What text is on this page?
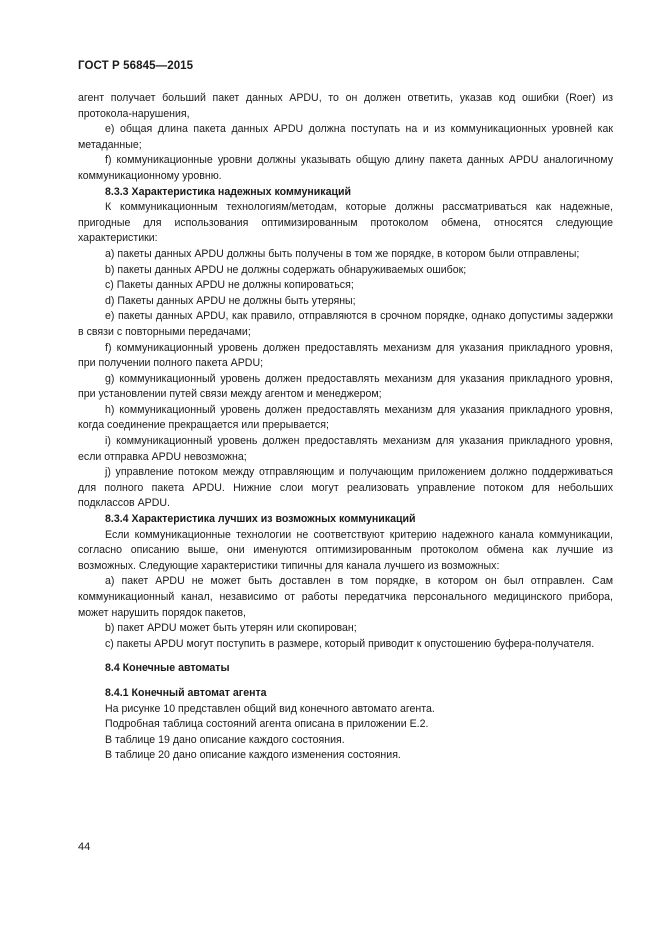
ГОСТ Р 56845—2015

агент получает больший пакет данных APDU, то он должен ответить, указав код ошибки (Roer) из протокола-нарушения,

e) общая длина пакета данных APDU должна поступать на и из коммуникационных уровней как метаданные;

f) коммуникационные уровни должны указывать общую длину пакета данных APDU аналогичному коммуникационному уровню.

8.3.3 Характеристика надежных коммуникаций

К коммуникационным технологиям/методам, которые должны рассматриваться как надежные, пригодные для использования оптимизированным протоколом обмена, относятся следующие характеристики:

a) пакеты данных APDU должны быть получены в том же порядке, в котором были отправлены;

b) пакеты данных APDU не должны содержать обнаруживаемых ошибок;

c) Пакеты данных APDU не должны копироваться;

d) Пакеты данных APDU не должны быть утеряны;

e) пакеты данных APDU, как правило, отправляются в срочном порядке, однако допустимы задержки в связи с повторными передачами;

f) коммуникационный уровень должен предоставлять механизм для указания прикладного уровня, при получении полного пакета APDU;

g) коммуникационный уровень должен предоставлять механизм для указания прикладного уровня, при установлении путей связи между агентом и менеджером;

h) коммуникационный уровень должен предоставлять механизм для указания прикладного уровня, когда соединение прекращается или прерывается;

i) коммуникационный уровень должен предоставлять механизм для указания прикладного уровня, если отправка APDU невозможна;

j) управление потоком между отправляющим и получающим приложением должно поддерживаться для полного пакета APDU. Нижние слои могут реализовать управление потоком для небольших подклассов APDU.

8.3.4 Характеристика лучших из возможных коммуникаций

Если коммуникационные технологии не соответствуют критерию надежного канала коммуникации, согласно описанию выше, они именуются оптимизированным протоколом обмена как лучшие из возможных. Следующие характеристики типичны для канала лучшего из возможных:

a) пакет APDU не может быть доставлен в том порядке, в котором он был отправлен. Сам коммуникационный канал, независимо от работы передатчика персонального медицинского прибора, может нарушить порядок пакетов,

b) пакет APDU может быть утерян или скопирован;

c) пакеты APDU могут поступить в размере, который приводит к опустошению буфера-получателя.

8.4 Конечные автоматы
8.4.1 Конечный автомат агента

На рисунке 10 представлен общий вид конечного автомато агента.

Подробная таблица состояний агента описана в приложении Е.2.

В таблице 19 дано описание каждого состояния.

В таблице 20 дано описание каждого изменения состояния.

44
